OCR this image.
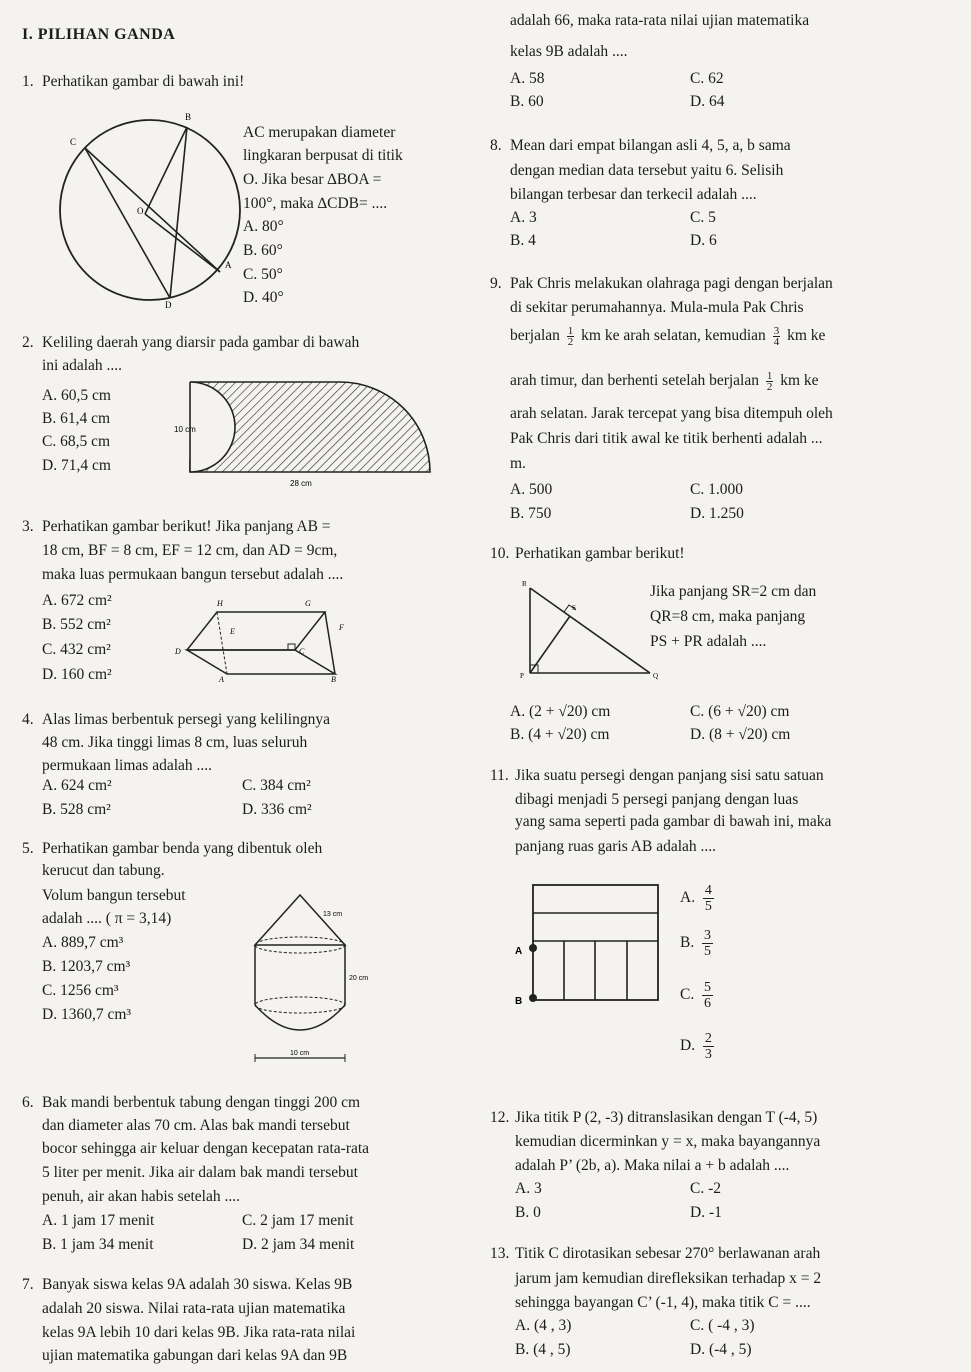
I. PILIHAN GANDA
1. Perhatikan gambar di bawah ini!
B
C
O
A
D
AC merupakan diameter
lingkaran berpusat di titik
O. Jika besar ∆BOA =
100°, maka ∆CDB= ....
A. 80°
B. 60°
C. 50°
D. 40°
2. Keliling daerah yang diarsir pada gambar di bawah
ini adalah ....
A. 60,5 cm
B. 61,4 cm
C. 68,5 cm
D. 71,4 cm
10 cm
28 cm
3. Perhatikan gambar berikut! Jika panjang AB =
18 cm, BF = 8 cm, EF = 12 cm, dan AD = 9cm,
maka luas permukaan bangun tersebut adalah ....
A. 672 cm²
B. 552 cm²
C. 432 cm²
D. 160 cm²
H	G
E	F
D	C
A	B
4. Alas limas berbentuk persegi yang kelilingnya
48 cm. Jika tinggi limas 8 cm, luas seluruh
permukaan limas adalah ....
A. 624 cm²
B. 528 cm²
C. 384 cm²
D. 336 cm²
5. Perhatikan gambar benda yang dibentuk oleh
kerucut dan tabung.
Volum bangun tersebut
adalah .... ( π = 3,14)
A. 889,7 cm³
B. 1203,7 cm³
C. 1256 cm³
D. 1360,7 cm³
13 cm
20 cm
10 cm
6. Bak mandi berbentuk tabung dengan tinggi 200 cm
dan diameter alas 70 cm. Alas bak mandi tersebut
bocor sehingga air keluar dengan kecepatan rata-rata
5 liter per menit. Jika air dalam bak mandi tersebut
penuh, air akan habis setelah ....
A. 1 jam 17 menit
B. 1 jam 34 menit
C. 2 jam 17 menit
D. 2 jam 34 menit
7. Banyak siswa kelas 9A adalah 30 siswa. Kelas 9B
adalah 20 siswa. Nilai rata-rata ujian matematika
kelas 9A lebih 10 dari kelas 9B. Jika rata-rata nilai
ujian matematika gabungan dari kelas 9A dan 9B
adalah 66, maka rata-rata nilai ujian matematika
kelas 9B adalah ....
A. 58
B. 60
C. 62
D. 64
8. Mean dari empat bilangan asli 4, 5, a, b sama
dengan median data tersebut yaitu 6. Selisih
bilangan terbesar dan terkecil adalah ....
A. 3
B. 4
C. 5
D. 6
9. Pak Chris melakukan olahraga pagi dengan berjalan
di sekitar perumahannya. Mula-mula Pak Chris
berjalan $\frac{1}{2}$ km ke arah selatan, kemudian $\frac{3}{4}$ km ke
arah timur, dan berhenti setelah berjalan $\frac{1}{2}$ km ke
arah selatan. Jarak tercepat yang bisa ditempuh oleh
Pak Chris dari titik awal ke titik berhenti adalah ...
m.
A. 500
B. 750
C. 1.000
D. 1.250
10. Perhatikan gambar berikut!
R
S
P	Q
Jika panjang SR=2 cm dan
QR=8 cm, maka panjang
PS + PR adalah ....
A. (2 + √20) cm
B. (4 + √20) cm
C. (6 + √20) cm
D. (8 + √20) cm
11. Jika suatu persegi dengan panjang sisi satu satuan
dibagi menjadi 5 persegi panjang dengan luas
yang sama seperti pada gambar di bawah ini, maka
panjang ruas garis AB adalah ....
A
B
A. $\frac{4}{5}$
B. $\frac{3}{5}$
C. $\frac{5}{6}$
D. $\frac{2}{3}$
12. Jika titik P (2, -3) ditranslasikan dengan T (-4, 5)
kemudian dicerminkan y = x, maka bayangannya
adalah P’ (2b, a). Maka nilai a + b adalah ....
A. 3
B. 0
C. -2
D. -1
13. Titik C dirotasikan sebesar 270° berlawanan arah
jarum jam kemudian direfleksikan terhadap x = 2
sehingga bayangan C’ (-1, 4), maka titik C = ....
A. (4 , 3)
B. (4 , 5)
C. ( -4 , 3)
D. (-4 , 5)
